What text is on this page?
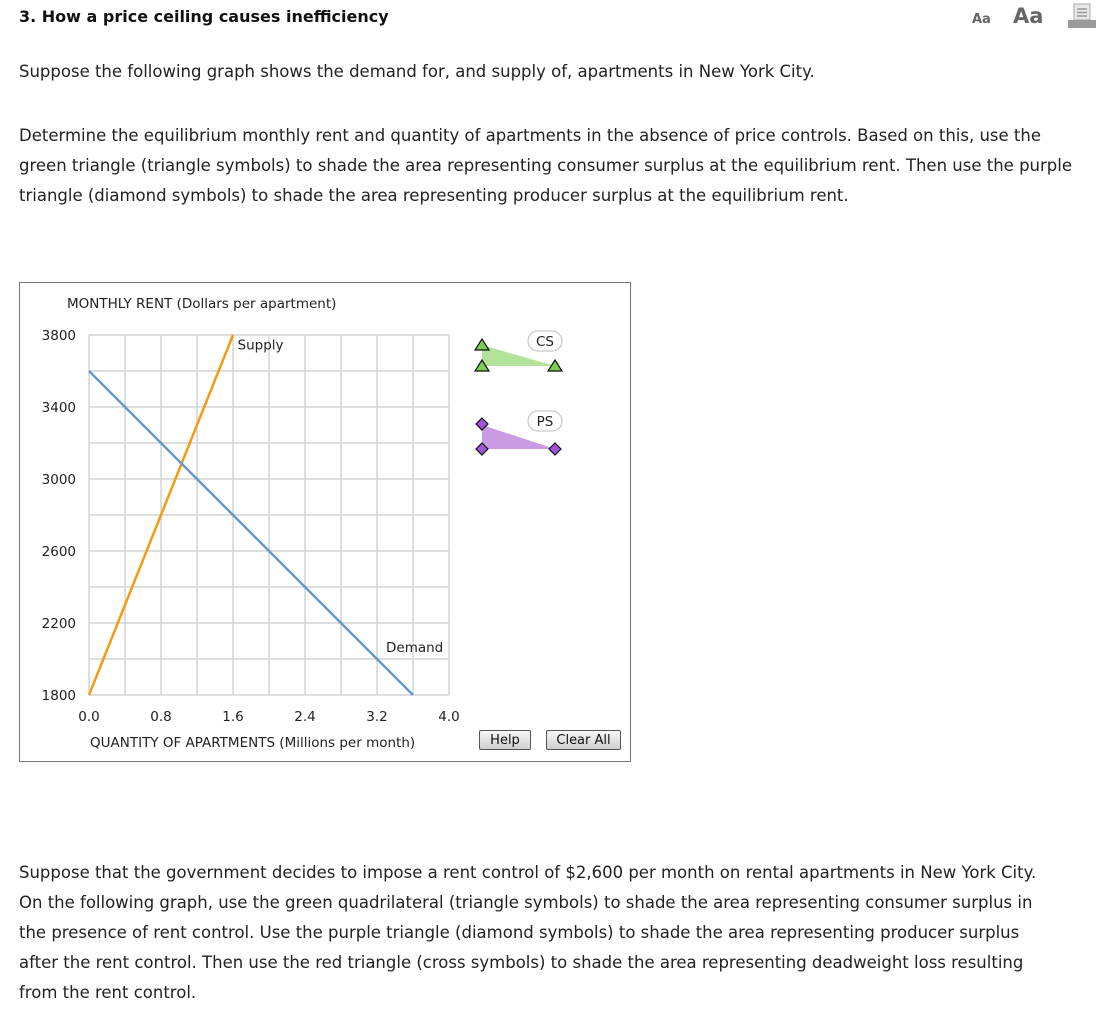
3. How a price ceiling causes inefficiency	Aa Aa
Suppose the following graph shows the demand for, and supply of, apartments in New York City.
Determine the equilibrium monthly rent and quantity of apartments in the absence of price controls. Based on this, use the green triangle (triangle symbols) to shade the area representing consumer surplus at the equilibrium rent. Then use the purple triangle (diamond symbols) to shade the area representing producer surplus at the equilibrium rent.
MONTHLY RENT (Dollars per apartment)
QUANTITY OF APARTMENTS (Millions per month)
0.0	0.8	1.6	2.4	3.2	4.0
1800
2200
2600
3000
3400
3800
Supply
Demand
CS
PS
Help	Clear All
Suppose that the government decides to impose a rent control of $2,600 per month on rental apartments in New York City. On the following graph, use the green quadrilateral (triangle symbols) to shade the area representing consumer surplus in the presence of rent control. Use the purple triangle (diamond symbols) to shade the area representing producer surplus after the rent control. Then use the red triangle (cross symbols) to shade the area representing deadweight loss resulting from the rent control.
